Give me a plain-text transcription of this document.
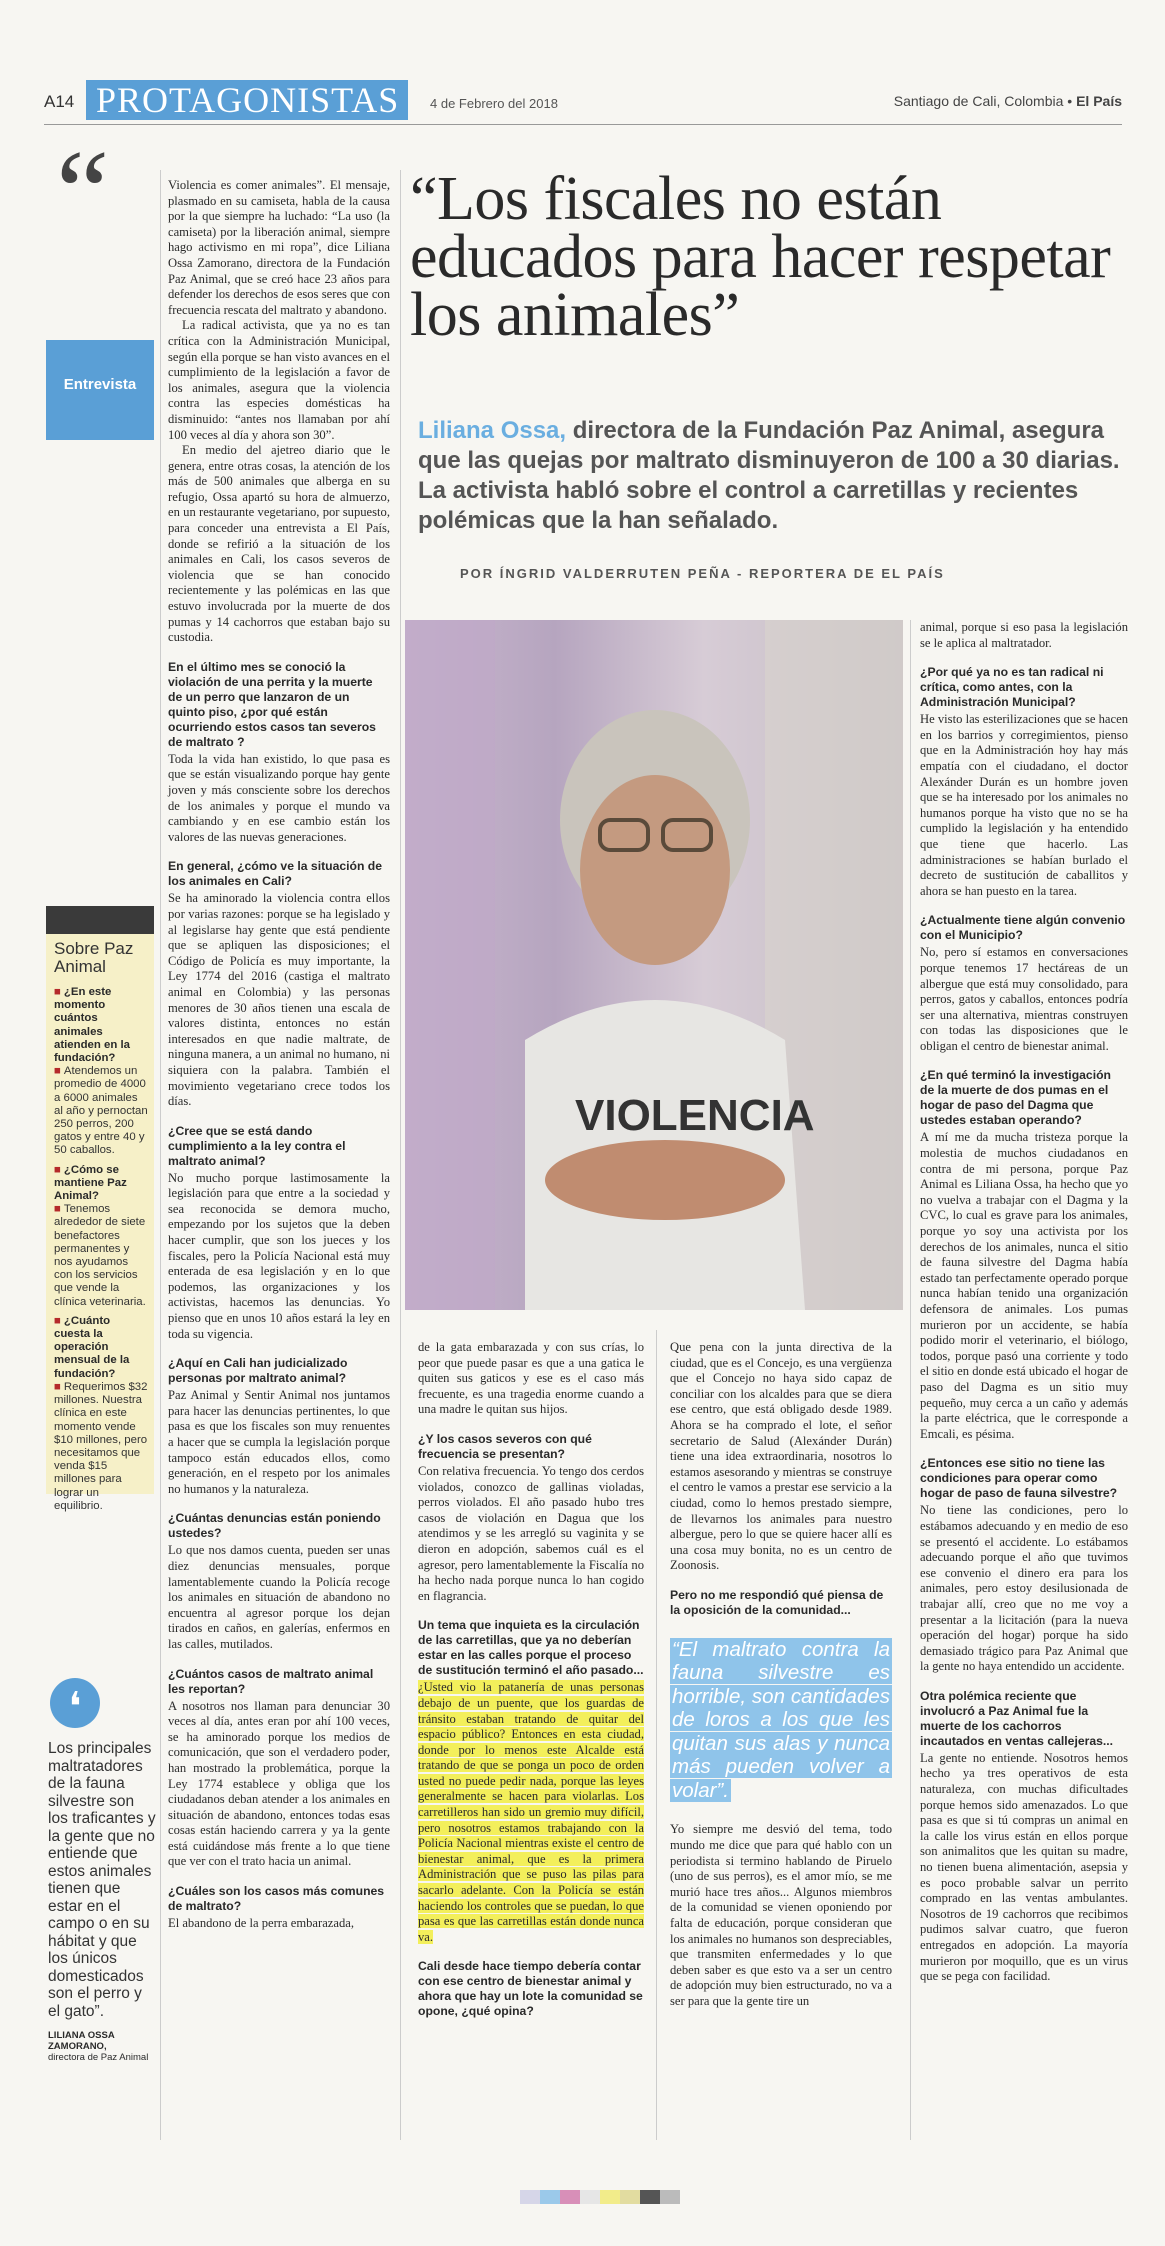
A14 PROTAGONISTAS	4 de Febrero del 2018	Santiago de Cali, Colombia • El País
“
Entrevista
Sobre Paz Animal
■ ¿En este momento cuántos animales atienden en la fundación?
■ Atendemos un promedio de 4000 a 6000 animales al año y pernoctan 250 perros, 200 gatos y entre 40 y 50 caballos.
■ ¿Cómo se mantiene Paz Animal?
■ Tenemos alrededor de siete benefactores permanentes y nos ayudamos con los servicios que vende la clínica veterinaria.
■ ¿Cuánto cuesta la operación mensual de la fundación?
■ Requerimos $32 millones. Nuestra clínica en este momento vende $10 millones, pero necesitamos que venda $15 millones para lograr un equilibrio.
❛
Los principales maltratadores de la fauna silvestre son los traficantes y la gente que no entiende que estos animales tienen que estar en el campo o en su hábitat y que los únicos domesticados son el perro y el gato”.
LILIANA OSSA ZAMORANO,
directora de Paz Animal

Violencia es comer animales”. El mensaje, plasmado en su camiseta, habla de la causa por la que siempre ha luchado: “La uso (la camiseta) por la liberación animal, siempre hago activismo en mi ropa”, dice Liliana Ossa Zamorano, directora de la Fundación Paz Animal, que se creó hace 23 años para defender los derechos de esos seres que con frecuencia rescata del maltrato y abandono.

La radical activista, que ya no es tan crítica con la Administración Municipal, según ella porque se han visto avances en el cumplimiento de la legislación a favor de los animales, asegura que la violencia contra las especies domésticas ha disminuido: “antes nos llamaban por ahí 100 veces al día y ahora son 30”.

En medio del ajetreo diario que le genera, entre otras cosas, la atención de los más de 500 animales que alberga en su refugio, Ossa apartó su hora de almuerzo, en un restaurante vegetariano, por supuesto, para conceder una entrevista a El País, donde se refirió a la situación de los animales en Cali, los casos severos de violencia que se han conocido recientemente y las polémicas en las que estuvo involucrada por la muerte de dos pumas y 14 cachorros que estaban bajo su custodia.

En el último mes se conoció la violación de una perrita y la muerte de un perro que lanzaron de un quinto piso, ¿por qué están ocurriendo estos casos tan severos de maltrato ?

Toda la vida han existido, lo que pasa es que se están visualizando porque hay gente joven y más consciente sobre los derechos de los animales y porque el mundo va cambiando y en ese cambio están los valores de las nuevas generaciones.

En general, ¿cómo ve la situación de los animales en Cali?

Se ha aminorado la violencia contra ellos por varias razones: porque se ha legislado y al legislarse hay gente que está pendiente que se apliquen las disposiciones; el Código de Policía es muy importante, la Ley 1774 del 2016 (castiga el maltrato animal en Colombia) y las personas menores de 30 años tienen una escala de valores distinta, entonces no están interesados en que nadie maltrate, de ninguna manera, a un animal no humano, ni siquiera con la palabra. También el movimiento vegetariano crece todos los días.

¿Cree que se está dando cumplimiento a la ley contra el maltrato animal?

No mucho porque lastimosamente la legislación para que entre a la sociedad y sea reconocida se demora mucho, empezando por los sujetos que la deben hacer cumplir, que son los jueces y los fiscales, pero la Policía Nacional está muy enterada de esa legislación y en lo que podemos, las organizaciones y los activistas, hacemos las denuncias. Yo pienso que en unos 10 años estará la ley en toda su vigencia.

¿Aquí en Cali han judicializado personas por maltrato animal?

Paz Animal y Sentir Animal nos juntamos para hacer las denuncias pertinentes, lo que pasa es que los fiscales son muy renuentes a hacer que se cumpla la legislación porque tampoco están educados ellos, como generación, en el respeto por los animales no humanos y la naturaleza.

¿Cuántas denuncias están poniendo ustedes?

Lo que nos damos cuenta, pueden ser unas diez denuncias mensuales, porque lamentablemente cuando la Policía recoge los animales en situación de abandono no encuentra al agresor porque los dejan tirados en caños, en galerías, enfermos en las calles, mutilados.

¿Cuántos casos de maltrato animal les reportan?

A nosotros nos llaman para denunciar 30 veces al día, antes eran por ahí 100 veces, se ha aminorado porque los medios de comunicación, que son el verdadero poder, han mostrado la problemática, porque la Ley 1774 establece y obliga que los ciudadanos deban atender a los animales en situación de abandono, entonces todas esas cosas están haciendo carrera y ya la gente está cuidándose más frente a lo que tiene que ver con el trato hacia un animal.

¿Cuáles son los casos más comunes de maltrato?

El abandono de la perra embarazada,

“Los fiscales no están educados para hacer respetar los animales”
Liliana Ossa, directora de la Fundación Paz Animal, asegura que las quejas por maltrato disminuyeron de 100 a 30 diarias. La activista habló sobre el control a carretillas y recientes polémicas que la han señalado.
POR ÍNGRID VALDERRUTEN PEÑA - REPORTERA DE EL PAÍS
VIOLENCIA

de la gata embarazada y con sus crías, lo peor que puede pasar es que a una gatica le quiten sus gaticos y ese es el caso más frecuente, es una tragedia enorme cuando a una madre le quitan sus hijos.

¿Y los casos severos con qué frecuencia se presentan?

Con relativa frecuencia. Yo tengo dos cerdos violados, conozco de gallinas violadas, perros violados. El año pasado hubo tres casos de violación en Dagua que los atendimos y se les arregló su vaginita y se dieron en adopción, sabemos cuál es el agresor, pero lamentablemente la Fiscalía no ha hecho nada porque nunca lo han cogido en flagrancia.

Un tema que inquieta es la circulación de las carretillas, que ya no deberían estar en las calles porque el proceso de sustitución terminó el año pasado...

¿Usted vio la patanería de unas personas debajo de un puente, que los guardas de tránsito estaban tratando de quitar del espacio público? Entonces en esta ciudad, donde por lo menos este Alcalde está tratando de que se ponga un poco de orden usted no puede pedir nada, porque las leyes generalmente se hacen para violarlas. Los carretilleros han sido un gremio muy difícil, pero nosotros estamos trabajando con la Policía Nacional mientras existe el centro de bienestar animal, que es la primera Administración que se puso las pilas para sacarlo adelante. Con la Policía se están haciendo los controles que se puedan, lo que pasa es que las carretillas están donde nunca va.

Cali desde hace tiempo debería contar con ese centro de bienestar animal y ahora que hay un lote la comunidad se opone, ¿qué opina?

Que pena con la junta directiva de la ciudad, que es el Concejo, es una vergüenza que el Concejo no haya sido capaz de conciliar con los alcaldes para que se diera ese centro, que está obligado desde 1989. Ahora se ha comprado el lote, el señor secretario de Salud (Alexánder Durán) tiene una idea extraordinaria, nosotros lo estamos asesorando y mientras se construye el centro le vamos a prestar ese servicio a la ciudad, como lo hemos prestado siempre, de llevarnos los animales para nuestro albergue, pero lo que se quiere hacer allí es una cosa muy bonita, no es un centro de Zoonosis.

Pero no me respondió qué piensa de la oposición de la comunidad...
“El maltrato contra la fauna silvestre es horrible, son cantidades de loros a los que les quitan sus alas y nunca más pueden volver a volar”.

Yo siempre me desvió del tema, todo mundo me dice que para qué hablo con un periodista si termino hablando de Piruelo (uno de sus perros), es el amor mío, se me murió hace tres años... Algunos miembros de la comunidad se vienen oponiendo por falta de educación, porque consideran que los animales no humanos son despreciables, que transmiten enfermedades y lo que deben saber es que esto va a ser un centro de adopción muy bien estructurado, no va a ser para que la gente tire un

animal, porque si eso pasa la legislación se le aplica al maltratador.

¿Por qué ya no es tan radical ni crítica, como antes, con la Administración Municipal?

He visto las esterilizaciones que se hacen en los barrios y corregimientos, pienso que en la Administración hoy hay más empatía con el ciudadano, el doctor Alexánder Durán es un hombre joven que se ha interesado por los animales no humanos porque ha visto que no se ha cumplido la legislación y ha entendido que tiene que hacerlo. Las administraciones se habían burlado el decreto de sustitución de caballitos y ahora se han puesto en la tarea.

¿Actualmente tiene algún convenio con el Municipio?

No, pero sí estamos en conversaciones porque tenemos 17 hectáreas de un albergue que está muy consolidado, para perros, gatos y caballos, entonces podría ser una alternativa, mientras construyen con todas las disposiciones que le obligan el centro de bienestar animal.

¿En qué terminó la investigación de la muerte de dos pumas en el hogar de paso del Dagma que ustedes estaban operando?

A mí me da mucha tristeza porque la molestia de muchos ciudadanos en contra de mi persona, porque Paz Animal es Liliana Ossa, ha hecho que yo no vuelva a trabajar con el Dagma y la CVC, lo cual es grave para los animales, porque yo soy una activista por los derechos de los animales, nunca el sitio de fauna silvestre del Dagma había estado tan perfectamente operado porque nunca habían tenido una organización defensora de animales. Los pumas murieron por un accidente, se había podido morir el veterinario, el biólogo, todos, porque pasó una corriente y todo el sitio en donde está ubicado el hogar de paso del Dagma es un sitio muy pequeño, muy cerca a un caño y además la parte eléctrica, que le corresponde a Emcali, es pésima.

¿Entonces ese sitio no tiene las condiciones para operar como hogar de paso de fauna silvestre?

No tiene las condiciones, pero lo estábamos adecuando y en medio de eso se presentó el accidente. Lo estábamos adecuando porque el año que tuvimos ese convenio el dinero era para los animales, pero estoy desilusionada de trabajar allí, creo que no me voy a presentar a la licitación (para la nueva operación del hogar) porque ha sido demasiado trágico para Paz Animal que la gente no haya entendido un accidente.

Otra polémica reciente que involucró a Paz Animal fue la muerte de los cachorros incautados en ventas callejeras...

La gente no entiende. Nosotros hemos hecho ya tres operativos de esta naturaleza, con muchas dificultades porque hemos sido amenazados. Lo que pasa es que si tú compras un animal en la calle los virus están en ellos porque son animalitos que les quitan su madre, no tienen buena alimentación, asepsia y es poco probable salvar un perrito comprado en las ventas ambulantes. Nosotros de 19 cachorros que recibimos pudimos salvar cuatro, que fueron entregados en adopción. La mayoría murieron por moquillo, que es un virus que se pega con facilidad.
